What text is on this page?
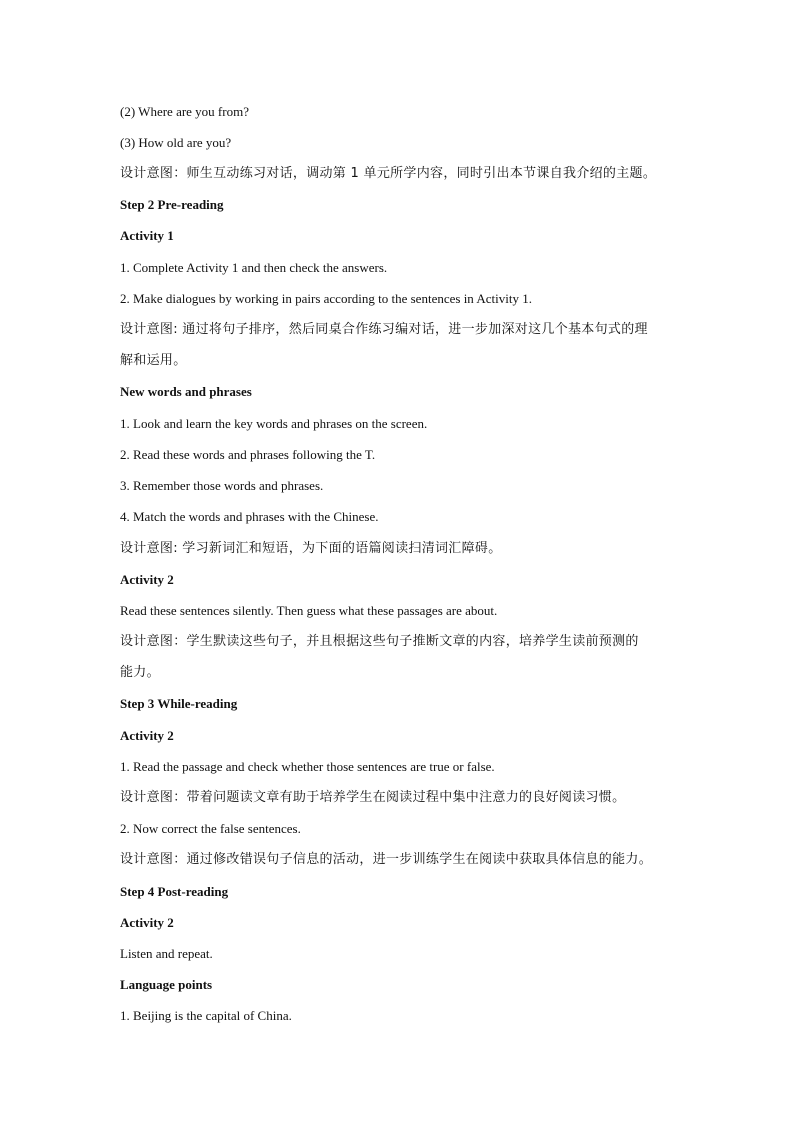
(2) Where are you from?
(3) How old are you?
设计意图：师生互动练习对话，调动第 1 单元所学内容，同时引出本节课自我介绍的主题。
Step 2 Pre-reading
Activity 1
1. Complete Activity 1 and then check the answers.
2. Make dialogues by working in pairs according to the sentences in Activity 1.
设计意图: 通过将句子排序，然后同桌合作练习编对话，进一步加深对这几个基本句式的理
解和运用。
New words and phrases
1. Look and learn the key words and phrases on the screen.
2. Read these words and phrases following the T.
3. Remember those words and phrases.
4. Match the words and phrases with the Chinese.
设计意图: 学习新词汇和短语，为下面的语篇阅读扫清词汇障碍。
Activity 2
Read these sentences silently. Then guess what these passages are about.
设计意图：学生默读这些句子，并且根据这些句子推断文章的内容，培养学生读前预测的
能力。
Step 3 While-reading
Activity 2
1. Read the passage and check whether those sentences are true or false.
设计意图：带着问题读文章有助于培养学生在阅读过程中集中注意力的良好阅读习惯。
2. Now correct the false sentences.
设计意图：通过修改错误句子信息的活动，进一步训练学生在阅读中获取具体信息的能力。
Step 4 Post-reading
Activity 2
Listen and repeat.
Language points
1. Beijing is the capital of China.
